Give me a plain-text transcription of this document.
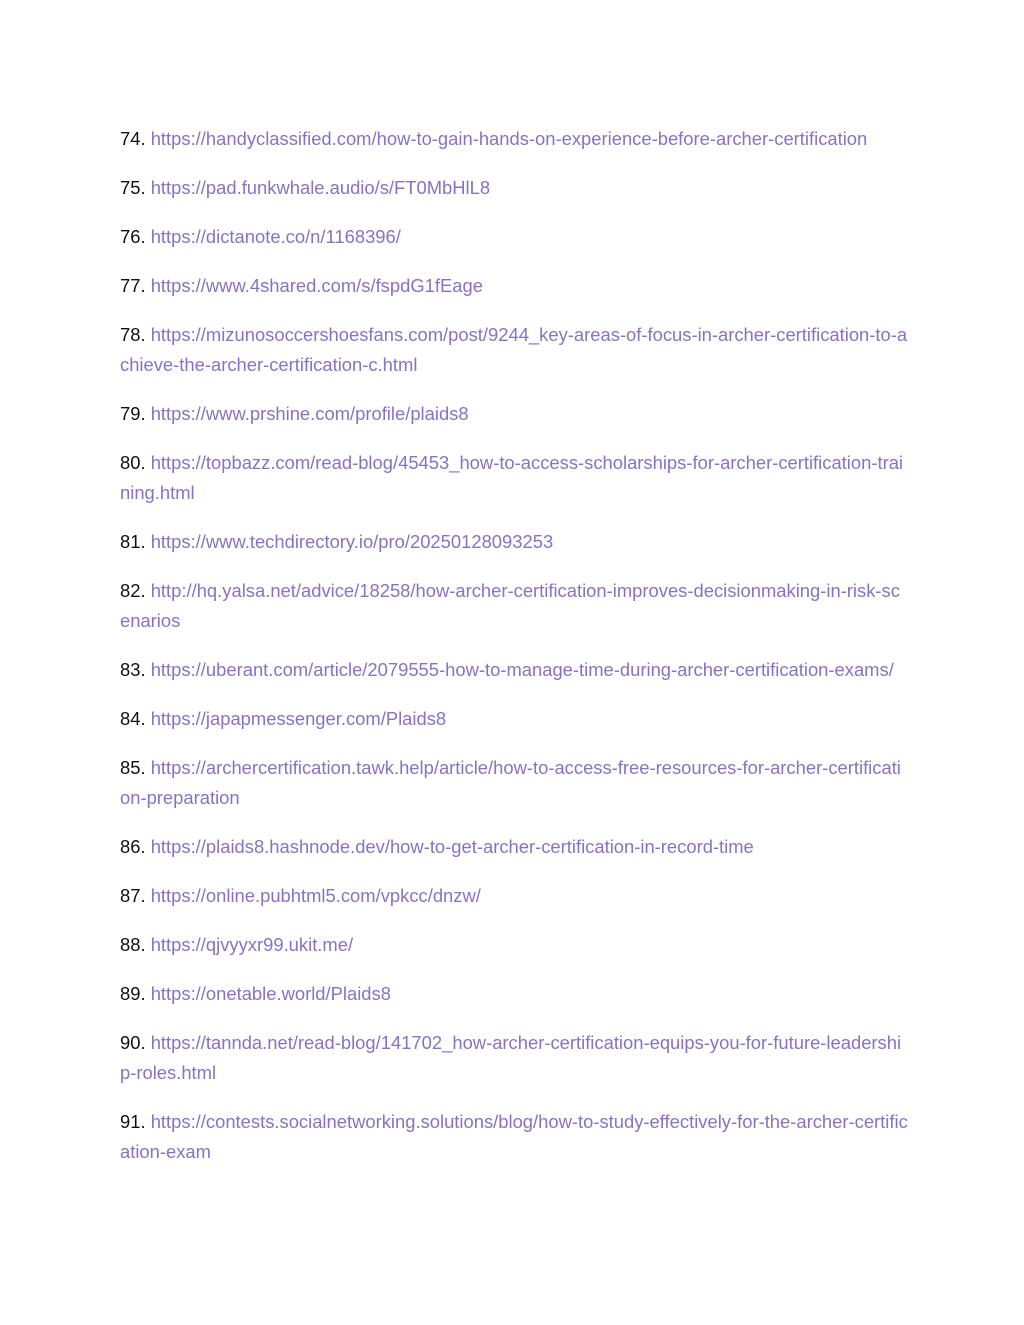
74. https://handyclassified.com/how-to-gain-hands-on-experience-before-archer-certification
75. https://pad.funkwhale.audio/s/FT0MbHlL8
76. https://dictanote.co/n/1168396/
77. https://www.4shared.com/s/fspdG1fEage
78. https://mizunosoccershoesfans.com/post/9244_key-areas-of-focus-in-archer-certification-to-achieve-the-archer-certification-c.html
79. https://www.prshine.com/profile/plaids8
80. https://topbazz.com/read-blog/45453_how-to-access-scholarships-for-archer-certification-training.html
81. https://www.techdirectory.io/pro/20250128093253
82. http://hq.yalsa.net/advice/18258/how-archer-certification-improves-decisionmaking-in-risk-scenarios
83. https://uberant.com/article/2079555-how-to-manage-time-during-archer-certification-exams/
84. https://japapmessenger.com/Plaids8
85. https://archercertification.tawk.help/article/how-to-access-free-resources-for-archer-certification-preparation
86. https://plaids8.hashnode.dev/how-to-get-archer-certification-in-record-time
87. https://online.pubhtml5.com/vpkcc/dnzw/
88. https://qjvyyxr99.ukit.me/
89. https://onetable.world/Plaids8
90. https://tannda.net/read-blog/141702_how-archer-certification-equips-you-for-future-leadership-roles.html
91. https://contests.socialnetworking.solutions/blog/how-to-study-effectively-for-the-archer-certification-exam
